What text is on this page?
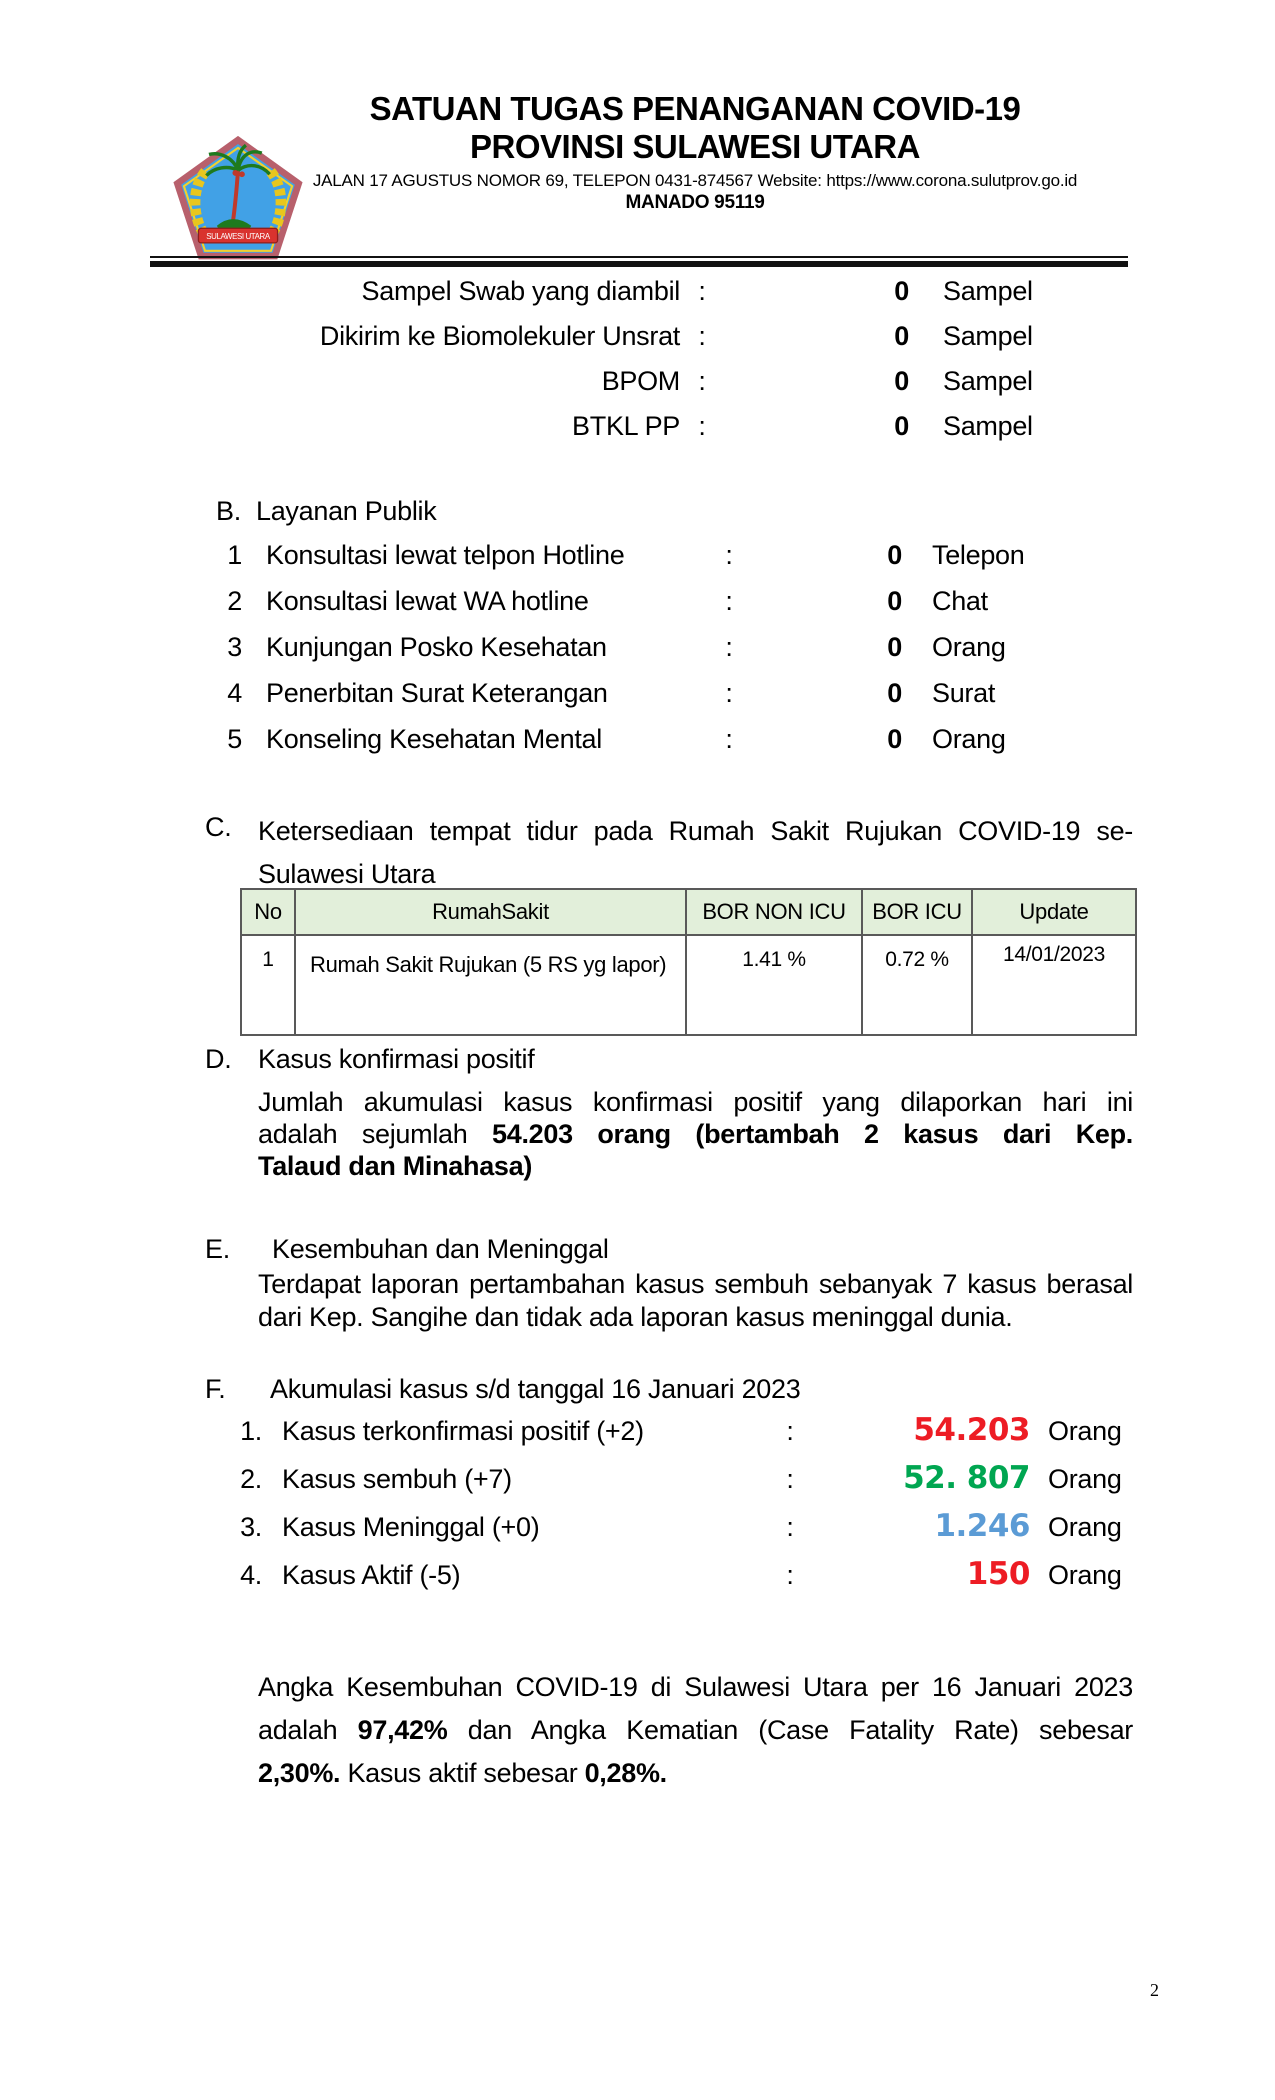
SULAWESI UTARA
SATUAN TUGAS PENANGANAN COVID-19
PROVINSI SULAWESI UTARA
JALAN 17 AGUSTUS NOMOR 69, TELEPON 0431-874567 Website: https://www.corona.sulutprov.go.id
MANADO 95119
Sampel Swab yang diambil :	0 Sampel
Dikirim ke Biomolekuler Unsrat :	0 Sampel
BPOM :	0 Sampel
BTKL PP :	0 Sampel
B. Layanan Publik
1 Konsultasi lewat telpon Hotline	:	0 Telepon
2 Konsultasi lewat WA hotline	:	0 Chat
3 Kunjungan Posko Kesehatan	:	0 Orang
4 Penerbitan Surat Keterangan	:	0 Surat
5 Konseling Kesehatan Mental	:	0 Orang
C. Ketersediaan tempat tidur pada Rumah Sakit Rujukan COVID-19 se-
Sulawesi Utara
No	RumahSakit	BOR NON ICU	BOR ICU	Update
1	Rumah Sakit Rujukan (5 RS yg lapor)	1.41 %	0.72 %	14/01/2023
D. Kasus konfirmasi positif
Jumlah akumulasi kasus konfirmasi positif yang dilaporkan hari ini
adalah sejumlah 54.203 orang (bertambah 2 kasus dari Kep.
Talaud dan Minahasa)
E. Kesembuhan dan Meninggal
Terdapat laporan pertambahan kasus sembuh sebanyak 7 kasus berasal
dari Kep. Sangihe dan tidak ada laporan kasus meninggal dunia.
F. Akumulasi kasus s/d tanggal 16 Januari 2023
1. Kasus terkonfirmasi positif (+2)	:	54.203 Orang
2. Kasus sembuh (+7)	:	52. 807 Orang
3. Kasus Meninggal (+0)	:	1.246 Orang
4. Kasus Aktif (-5)	:	150 Orang
Angka Kesembuhan COVID-19 di Sulawesi Utara per 16 Januari 2023
adalah 97,42% dan Angka Kematian (Case Fatality Rate) sebesar
2,30%. Kasus aktif sebesar 0,28%.
2
